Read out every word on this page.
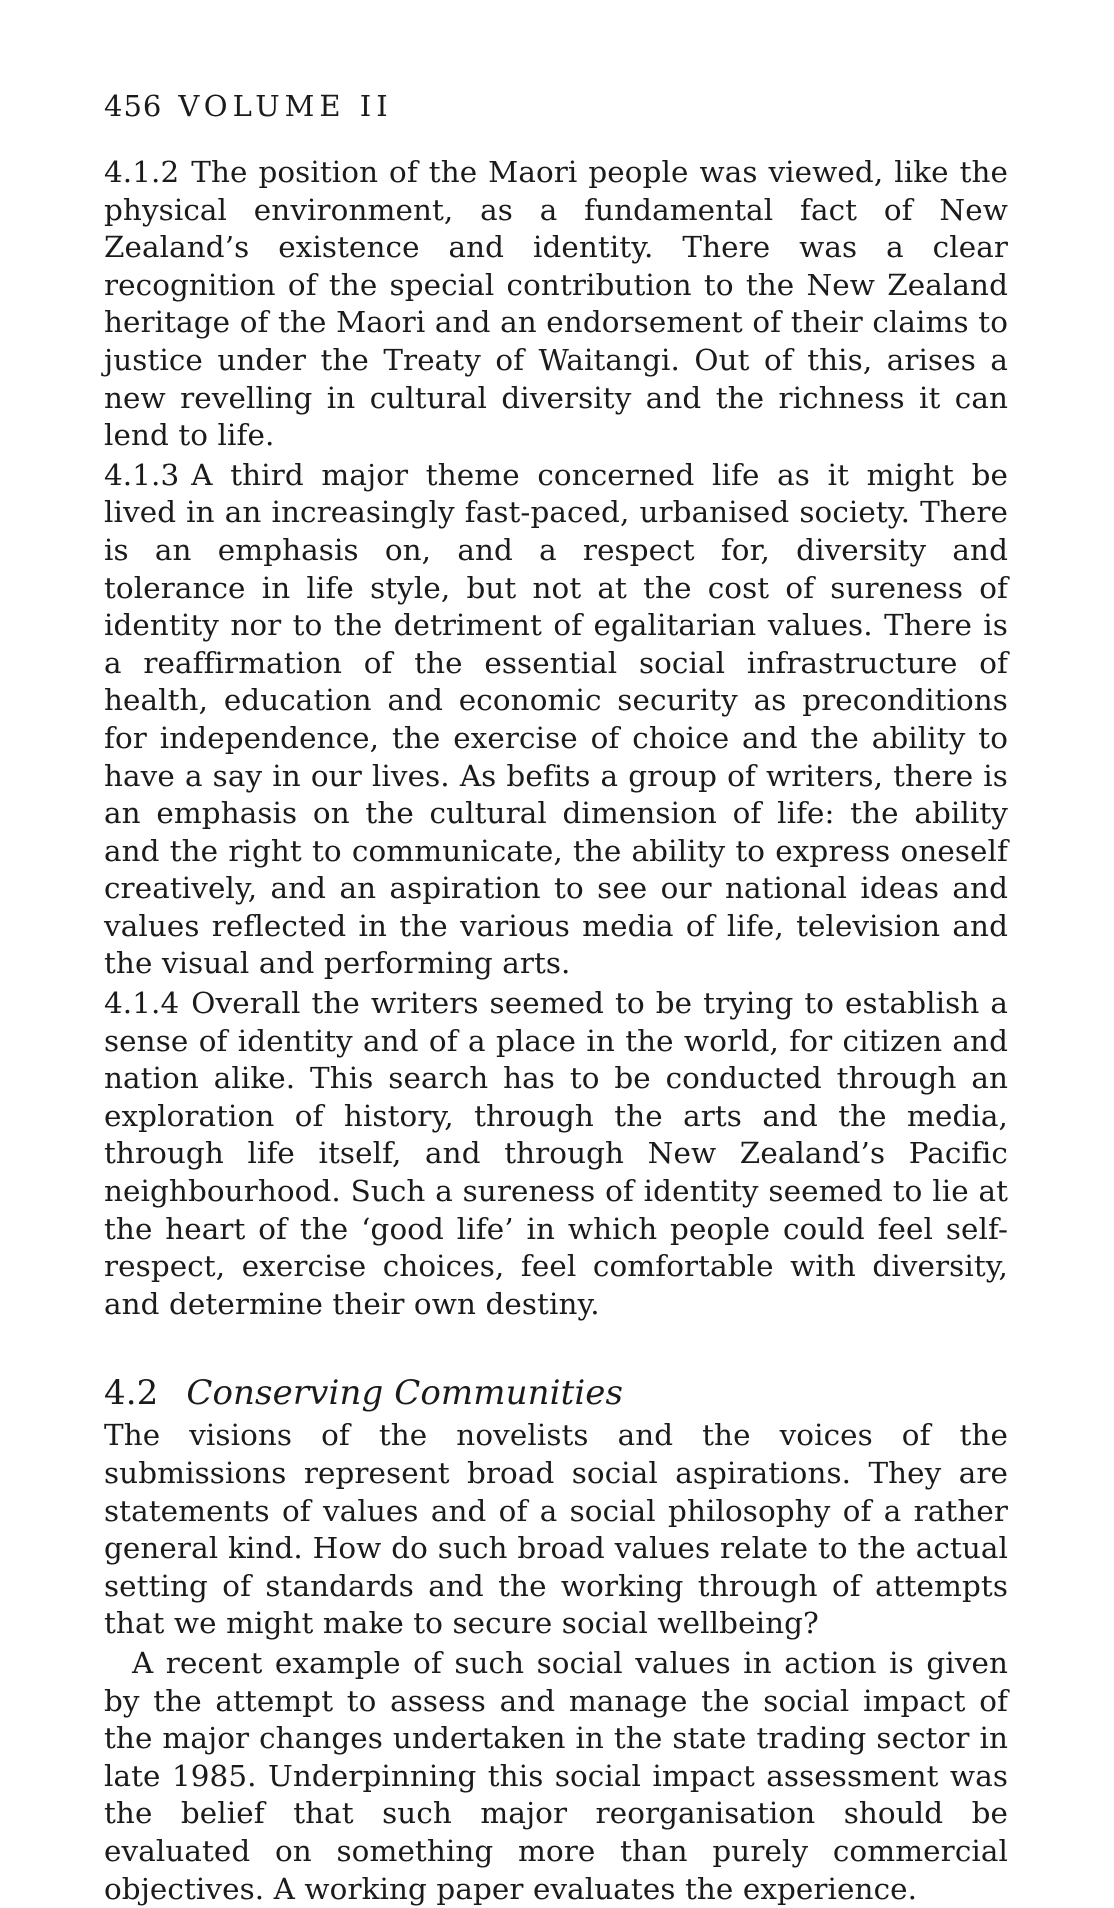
456 VOLUME II

4.1.2 The position of the Maori people was viewed, like the physical environment, as a fundamental fact of New Zealand’s existence and identity. There was a clear recognition of the special contribution to the New Zealand heritage of the Maori and an endorsement of their claims to justice under the Treaty of Waitangi. Out of this, arises a new revelling in cultural diversity and the richness it can lend to life.

4.1.3 A third major theme concerned life as it might be lived in an increasingly fast-paced, urbanised society. There is an emphasis on, and a respect for, diversity and tolerance in life style, but not at the cost of sureness of identity nor to the detriment of egalitarian values. There is a reaffirmation of the essential social infrastructure of health, education and economic security as preconditions for independence, the exercise of choice and the ability to have a say in our lives. As befits a group of writers, there is an emphasis on the cultural dimension of life: the ability and the right to communicate, the ability to express oneself creatively, and an aspiration to see our national ideas and values reflected in the various media of life, television and the visual and performing arts.

4.1.4 Overall the writers seemed to be trying to establish a sense of identity and of a place in the world, for citizen and nation alike. This search has to be conducted through an exploration of history, through the arts and the media, through life itself, and through New Zealand’s Pacific neighbourhood. Such a sureness of identity seemed to lie at the heart of the ‘good life’ in which people could feel self-respect, exercise choices, feel comfortable with diversity, and determine their own destiny.

4.2 Conserving Communities

The visions of the novelists and the voices of the submissions represent broad social aspirations. They are statements of values and of a social philosophy of a rather general kind. How do such broad values relate to the actual setting of standards and the working through of attempts that we might make to secure social wellbeing?

A recent example of such social values in action is given by the attempt to assess and manage the social impact of the major changes undertaken in the state trading sector in late 1985. Underpinning this social impact assessment was the belief that such major reorganisation should be evaluated on something more than purely commercial objectives. A working paper evaluates the experience.
